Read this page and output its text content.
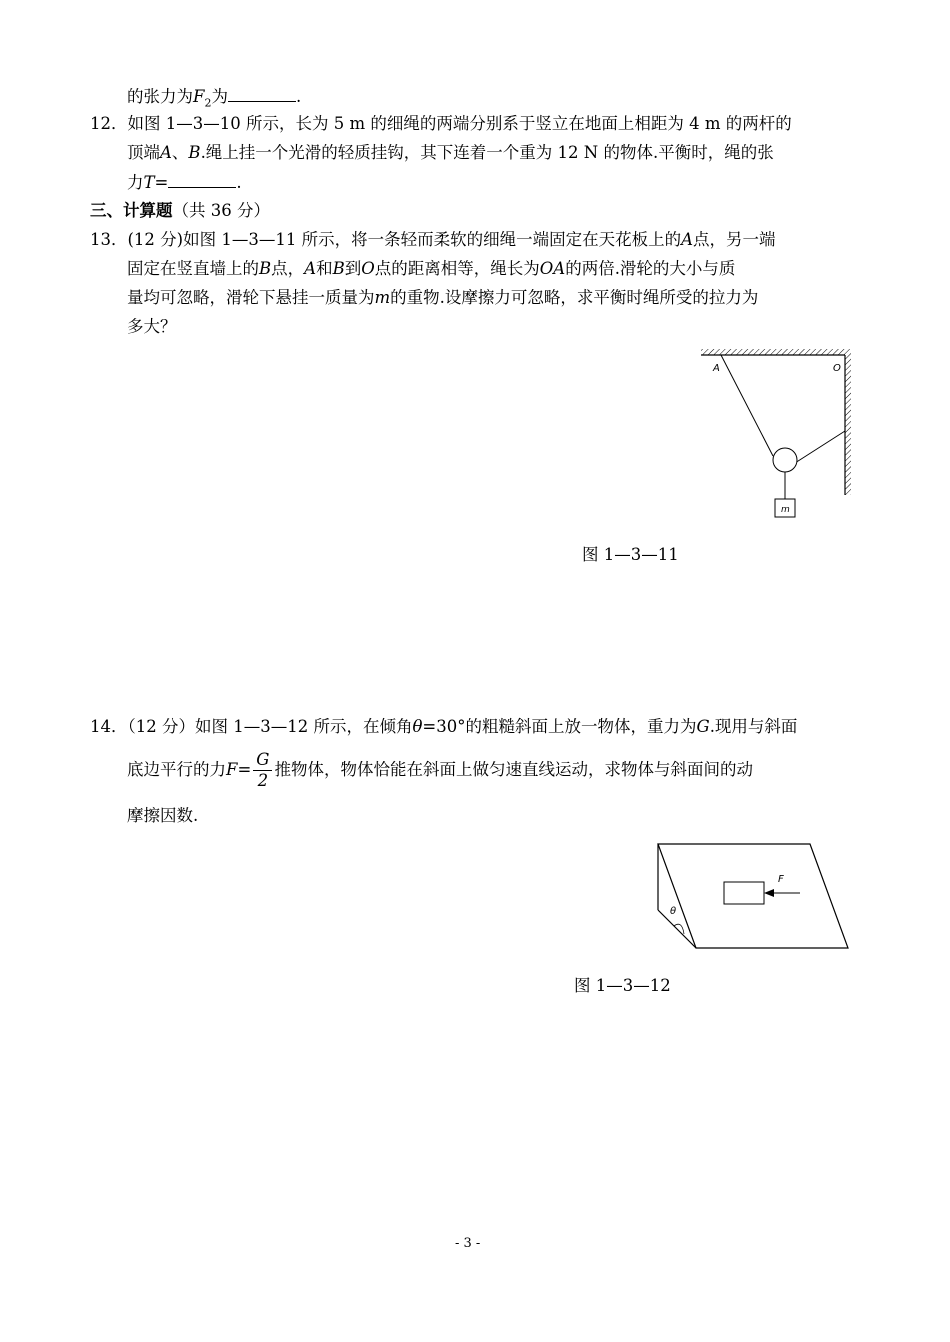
的张力为$F_2$为	.
12．如图 1—3—10 所示，长为 5 m 的细绳的两端分别系于竖立在地面上相距为 4 m 的两杆的
顶端A、B.绳上挂一个光滑的轻质挂钩，其下连着一个重为 12 N 的物体.平衡时，绳的张
力T=	.
三、计算题（共 36 分）
13．(12 分)如图 1—3—11 所示，将一条轻而柔软的细绳一端固定在天花板上的A点，另一端
固定在竖直墙上的B点，A和B到O点的距离相等，绳长为OA的两倍.滑轮的大小与质
量均可忽略，滑轮下悬挂一质量为m的重物.设摩擦力可忽略，求平衡时绳所受的拉力为
多大？
A	O
m
图 1—3—11
14．（12 分）如图 1—3—12 所示，在倾角θ=30°的粗糙斜面上放一物体，重力为G.现用与斜面
底边平行的力$F= \frac{G}{2}$ 推物体，物体恰能在斜面上做匀速直线运动，求物体与斜面间的动
摩擦因数.
θ
F
图 1—3—12
- 3 -
